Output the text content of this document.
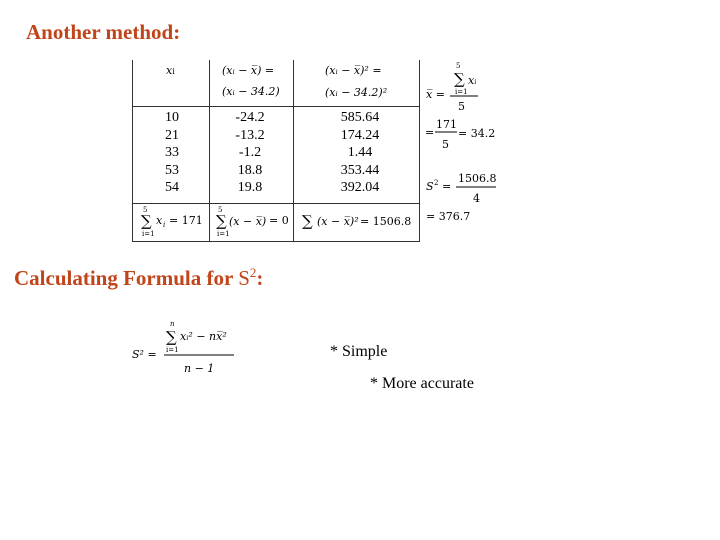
Another method:
Calculating Formula for $S^2$:
xi	(xᵢ − x̅) =
(xᵢ − 34.2)
(xᵢ − x̅)² =
(xᵢ − 34.2)²
10
21
33
53
54
-24.2
-13.2
-1.2
18.8
19.8
585.64
174.24
1.44
353.44
392.04
5
∑
i=1
x i = 171
5
∑
i=1
(x − x̅) = 0 ∑ (x − x̅)² = 1506.8
5
∑ xᵢ
i=1
x̅ =
5
171
= = 34.2
5
1506.8
S 2 =
4
= 376.7
n
∑ xᵢ² − nx̅²
i=1
S² =
n − 1
* Simple
* More accurate
